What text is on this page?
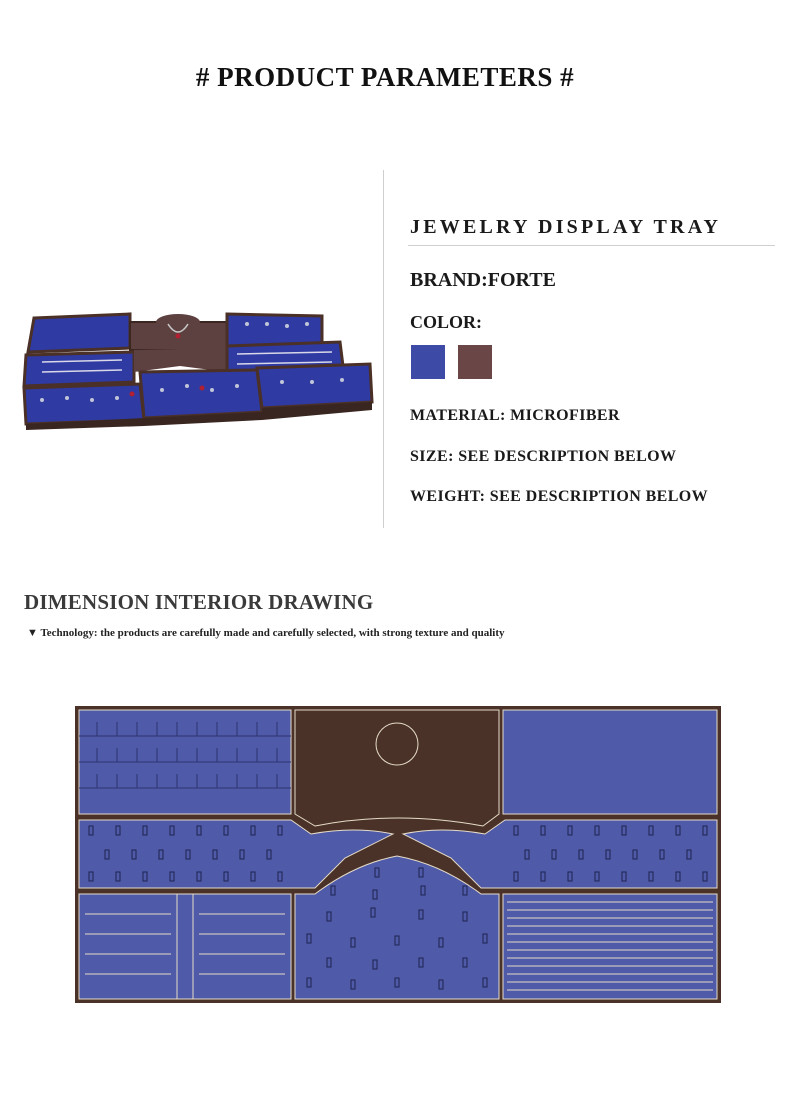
# PRODUCT PARAMETERS #
JEWELRY DISPLAY TRAY
BRAND:FORTE
COLOR:
MATERIAL: MICROFIBER
SIZE: SEE DESCRIPTION BELOW
WEIGHT: SEE DESCRIPTION BELOW
DIMENSION INTERIOR DRAWING
▼ Technology: the products are carefully made and carefully selected, with strong texture and quality
